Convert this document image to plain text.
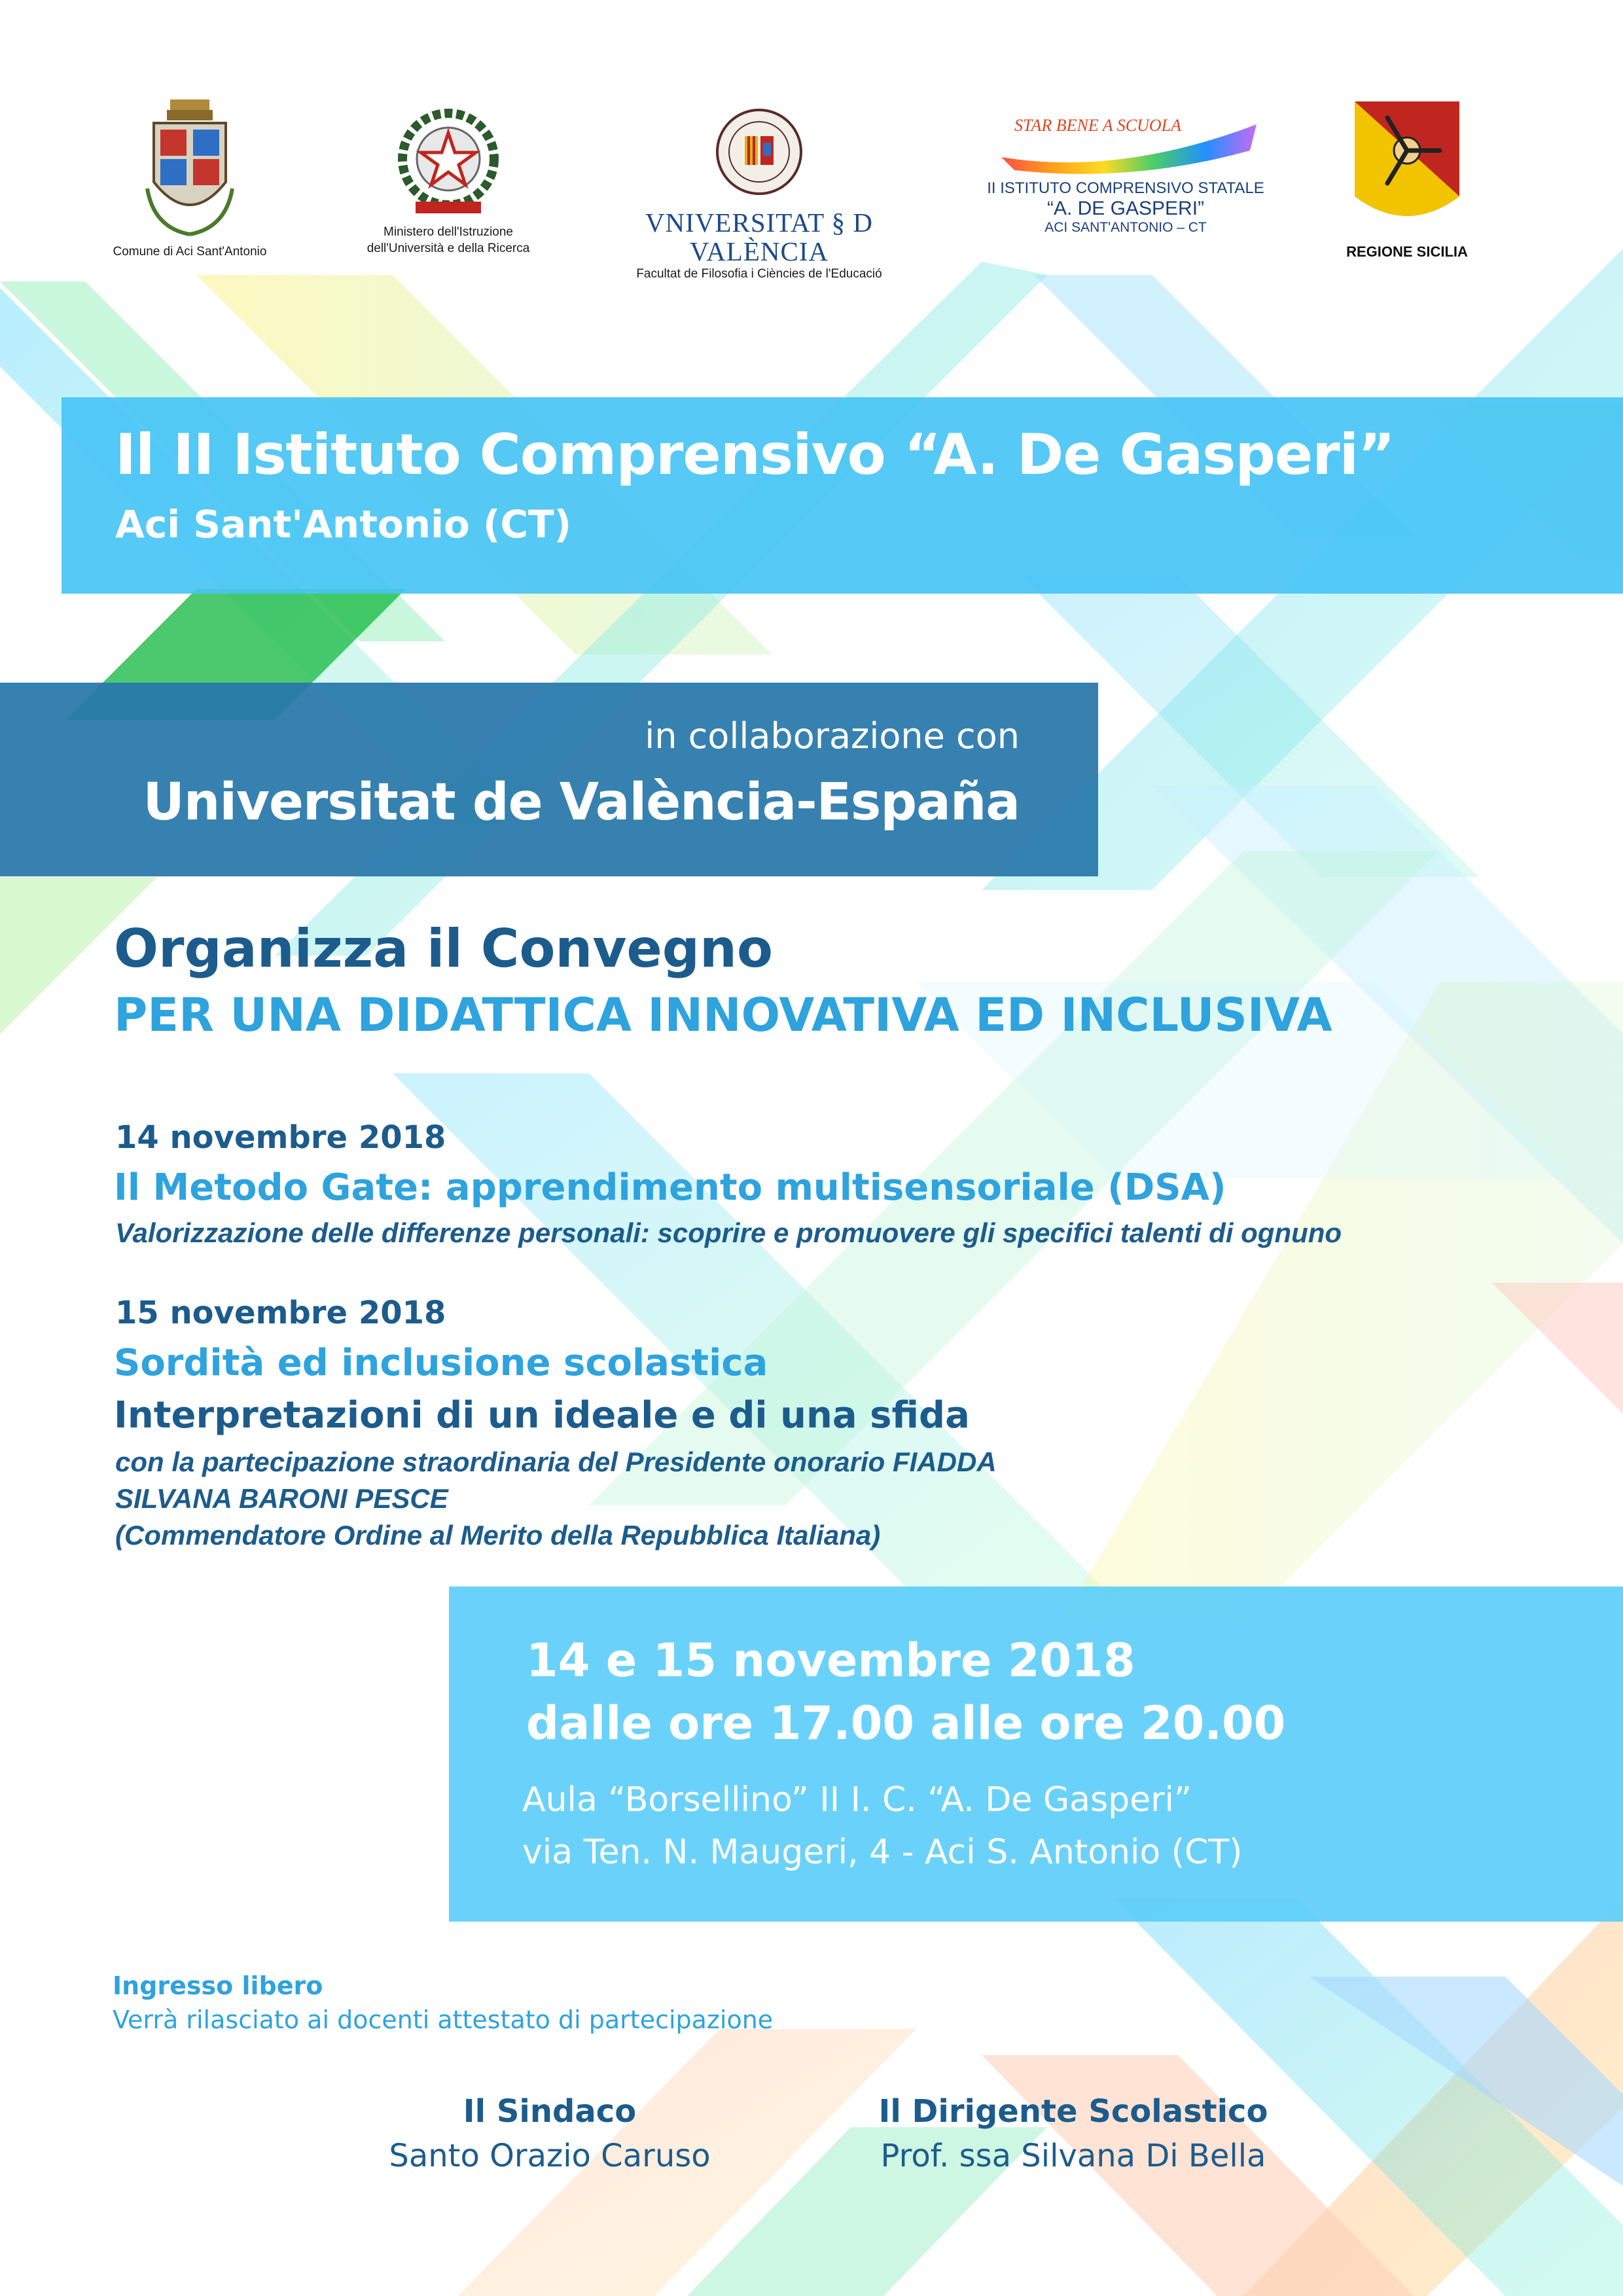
Comune di Aci Sant'Antonio
Ministero dell'Istruzione
dell'Università e della Ricerca
VNIVERSITAT § D VALÈNCIA
Facultat de Filosofia i Ciències de l'Educació
STAR BENE A SCUOLA
II ISTITUTO COMPRENSIVO STATALE
“A. DE GASPERI”
ACI SANT'ANTONIO – CT
REGIONE SICILIA
Il II Istituto Comprensivo “A. De Gasperi”
Aci Sant'Antonio (CT)
in collaborazione con
Universitat de València-España
Organizza il Convegno
PER UNA DIDATTICA INNOVATIVA ED INCLUSIVA
14 novembre 2018
Il Metodo Gate: apprendimento multisensoriale (DSA)
Valorizzazione delle differenze personali: scoprire e promuovere gli specifici talenti di ognuno
15 novembre 2018
Sordità ed inclusione scolastica
Interpretazioni di un ideale e di una sfida
con la partecipazione straordinaria del Presidente onorario FIADDA
SILVANA BARONI PESCE
(Commendatore Ordine al Merito della Repubblica Italiana)
14 e 15 novembre 2018
dalle ore 17.00 alle ore 20.00
Aula “Borsellino” II I. C. “A. De Gasperi”
via Ten. N. Maugeri, 4 - Aci S. Antonio (CT)
Ingresso libero
Verrà rilasciato ai docenti attestato di partecipazione
Il Sindaco
Santo Orazio Caruso
Il Dirigente Scolastico
Prof. ssa Silvana Di Bella
